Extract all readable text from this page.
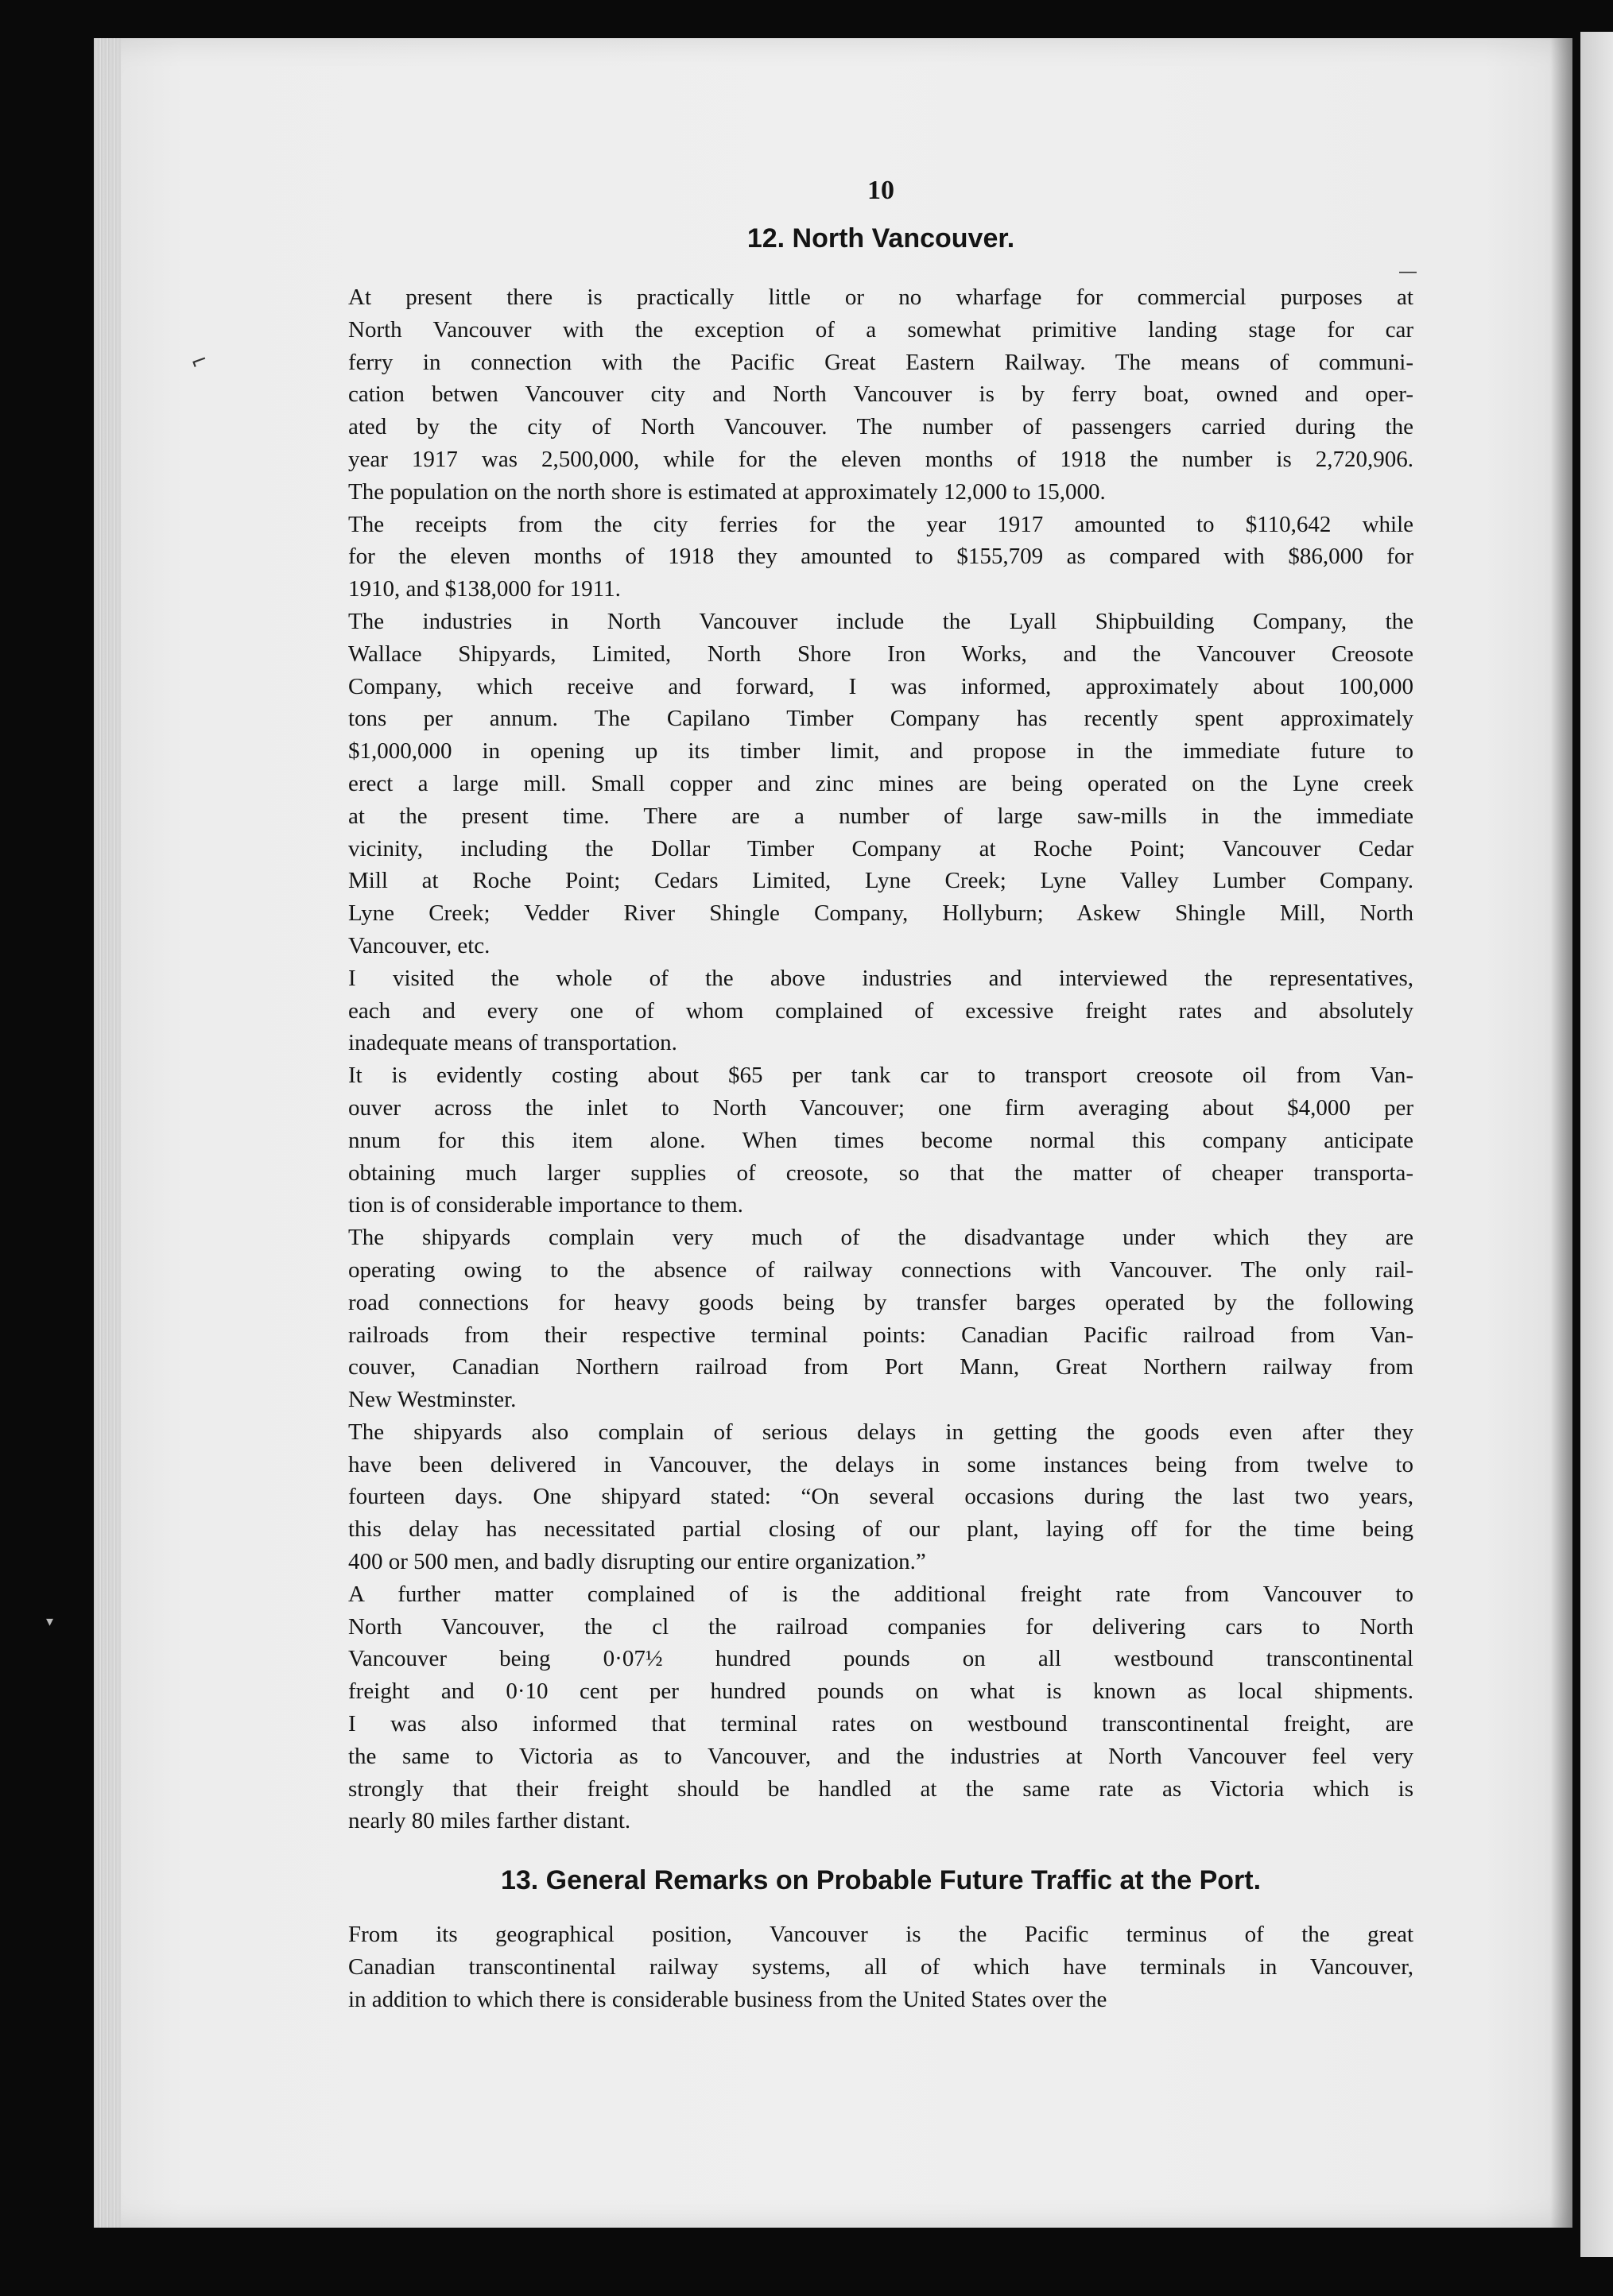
⌐
―
▾
10
12. North Vancouver.
At present there is practically little or no wharfage for commercial purposes at
North Vancouver with the exception of a somewhat primitive landing stage for car
ferry in connection with the Pacific Great Eastern Railway. The means of communi-
cation betwen Vancouver city and North Vancouver is by ferry boat, owned and oper-
ated by the city of North Vancouver. The number of passengers carried during the
year 1917 was 2,500,000, while for the eleven months of 1918 the number is 2,720,906.
The population on the north shore is estimated at approximately 12,000 to 15,000.
The receipts from the city ferries for the year 1917 amounted to $110,642 while
for the eleven months of 1918 they amounted to $155,709 as compared with $86,000 for
1910, and $138,000 for 1911.
The industries in North Vancouver include the Lyall Shipbuilding Company, the
Wallace Shipyards, Limited, North Shore Iron Works, and the Vancouver Creosote
Company, which receive and forward, I was informed, approximately about 100,000
tons per annum. The Capilano Timber Company has recently spent approximately
$1,000,000 in opening up its timber limit, and propose in the immediate future to
erect a large mill. Small copper and zinc mines are being operated on the Lyne creek
at the present time. There are a number of large saw-mills in the immediate
vicinity, including the Dollar Timber Company at Roche Point; Vancouver Cedar
Mill at Roche Point; Cedars Limited, Lyne Creek; Lyne Valley Lumber Company.
Lyne Creek; Vedder River Shingle Company, Hollyburn; Askew Shingle Mill, North
Vancouver, etc.
I visited the whole of the above industries and interviewed the representatives,
each and every one of whom complained of excessive freight rates and absolutely
inadequate means of transportation.
It is evidently costing about $65 per tank car to transport creosote oil from Van-
ouver across the inlet to North Vancouver; one firm averaging about $4,000 per
nnum for this item alone. When times become normal this company anticipate
obtaining much larger supplies of creosote, so that the matter of cheaper transporta-
tion is of considerable importance to them.
The shipyards complain very much of the disadvantage under which they are
operating owing to the absence of railway connections with Vancouver. The only rail-
road connections for heavy goods being by transfer barges operated by the following
railroads from their respective terminal points: Canadian Pacific railroad from Van-
couver, Canadian Northern railroad from Port Mann, Great Northern railway from
New Westminster.
The shipyards also complain of serious delays in getting the goods even after they
have been delivered in Vancouver, the delays in some instances being from twelve to
fourteen days. One shipyard stated: “On several occasions during the last two years,
this delay has necessitated partial closing of our plant, laying off for the time being
400 or 500 men, and badly disrupting our entire organization.”
A further matter complained of is the additional freight rate from Vancouver to
North Vancouver, the cl the railroad companies for delivering cars to North
Vancouver being 0·07½ hundred pounds on all westbound transcontinental
freight and 0·10 cent per hundred pounds on what is known as local shipments.
I was also informed that terminal rates on westbound transcontinental freight, are
the same to Victoria as to Vancouver, and the industries at North Vancouver feel very
strongly that their freight should be handled at the same rate as Victoria which is
nearly 80 miles farther distant.
13. General Remarks on Probable Future Traffic at the Port.
From its geographical position, Vancouver is the Pacific terminus of the great
Canadian transcontinental railway systems, all of which have terminals in Vancouver,
in addition to which there is considerable business from the United States over the
